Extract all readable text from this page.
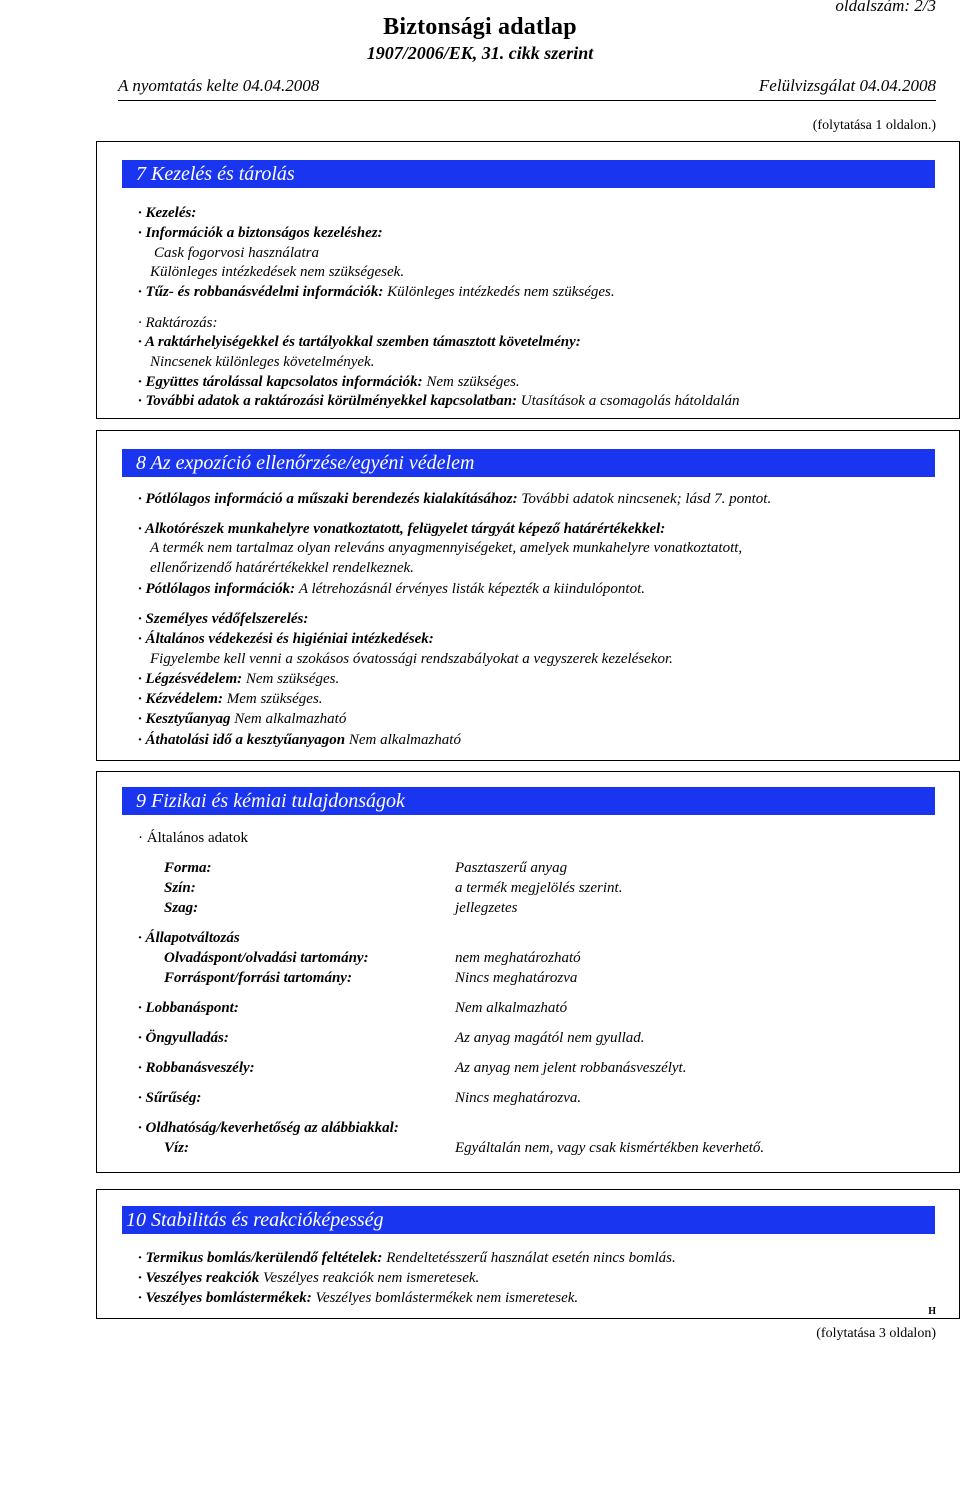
oldalszám: 2/3
Biztonsági adatlap
1907/2006/EK, 31. cikk szerint
A nyomtatás kelte 04.04.2008	Felülvizsgálat 04.04.2008
(folytatása 1 oldalon.)
7 Kezelés és tárolás
· Kezelés:
· Információk a biztonságos kezeléshez:
Cask fogorvosi használatra
Különleges intézkedések nem szükségesek.
· Tűz- és robbanásvédelmi információk: Különleges intézkedés nem szükséges.
· Raktározás:
· A raktárhelyiségekkel és tartályokkal szemben támasztott követelmény:
Nincsenek különleges követelmények.
· Együttes tárolással kapcsolatos információk: Nem szükséges.
· További adatok a raktározási körülményekkel kapcsolatban: Utasítások a csomagolás hátoldalán
8 Az expozíció ellenőrzése/egyéni védelem
· Pótlólagos információ a műszaki berendezés kialakításához: További adatok nincsenek; lásd 7. pontot.
· Alkotórészek munkahelyre vonatkoztatott, felügyelet tárgyát képező határértékekkel:
A termék nem tartalmaz olyan releváns anyagmennyiségeket, amelyek munkahelyre vonatkoztatott,
ellenőrizendő határértékekkel rendelkeznek.
· Pótlólagos információk: A létrehozásnál érvényes listák képezték a kiindulópontot.
· Személyes védőfelszerelés:
· Általános védekezési és higiéniai intézkedések:
Figyelembe kell venni a szokásos óvatossági rendszabályokat a vegyszerek kezelésekor.
· Légzésvédelem: Nem szükséges.
· Kézvédelem: Mem szükséges.
· Kesztyűanyag Nem alkalmazható
· Áthatolási idő a kesztyűanyagon Nem alkalmazható
9 Fizikai és kémiai tulajdonságok
· Általános adatok
Forma:	Pasztaszerű anyag
Szín:	a termék megjelölés szerint.
Szag:	jellegzetes
· Állapotváltozás
Olvadáspont/olvadási tartomány:	nem meghatározható
Forráspont/forrási tartomány:	Nincs meghatározva
· Lobbanáspont:	Nem alkalmazható
· Öngyulladás:	Az anyag magától nem gyullad.
· Robbanásveszély:	Az anyag nem jelent robbanásveszélyt.
· Sűrűség:	Nincs meghatározva.
· Oldhatóság/keverhetőség az alábbiakkal:
Víz:	Egyáltalán nem, vagy csak kismértékben keverhető.
10 Stabilitás és reakcióképesség
· Termikus bomlás/kerülendő feltételek: Rendeltetésszerű használat esetén nincs bomlás.
· Veszélyes reakciók Veszélyes reakciók nem ismeretesek.
· Veszélyes bomlástermékek: Veszélyes bomlástermékek nem ismeretesek.
H
(folytatása 3 oldalon)
